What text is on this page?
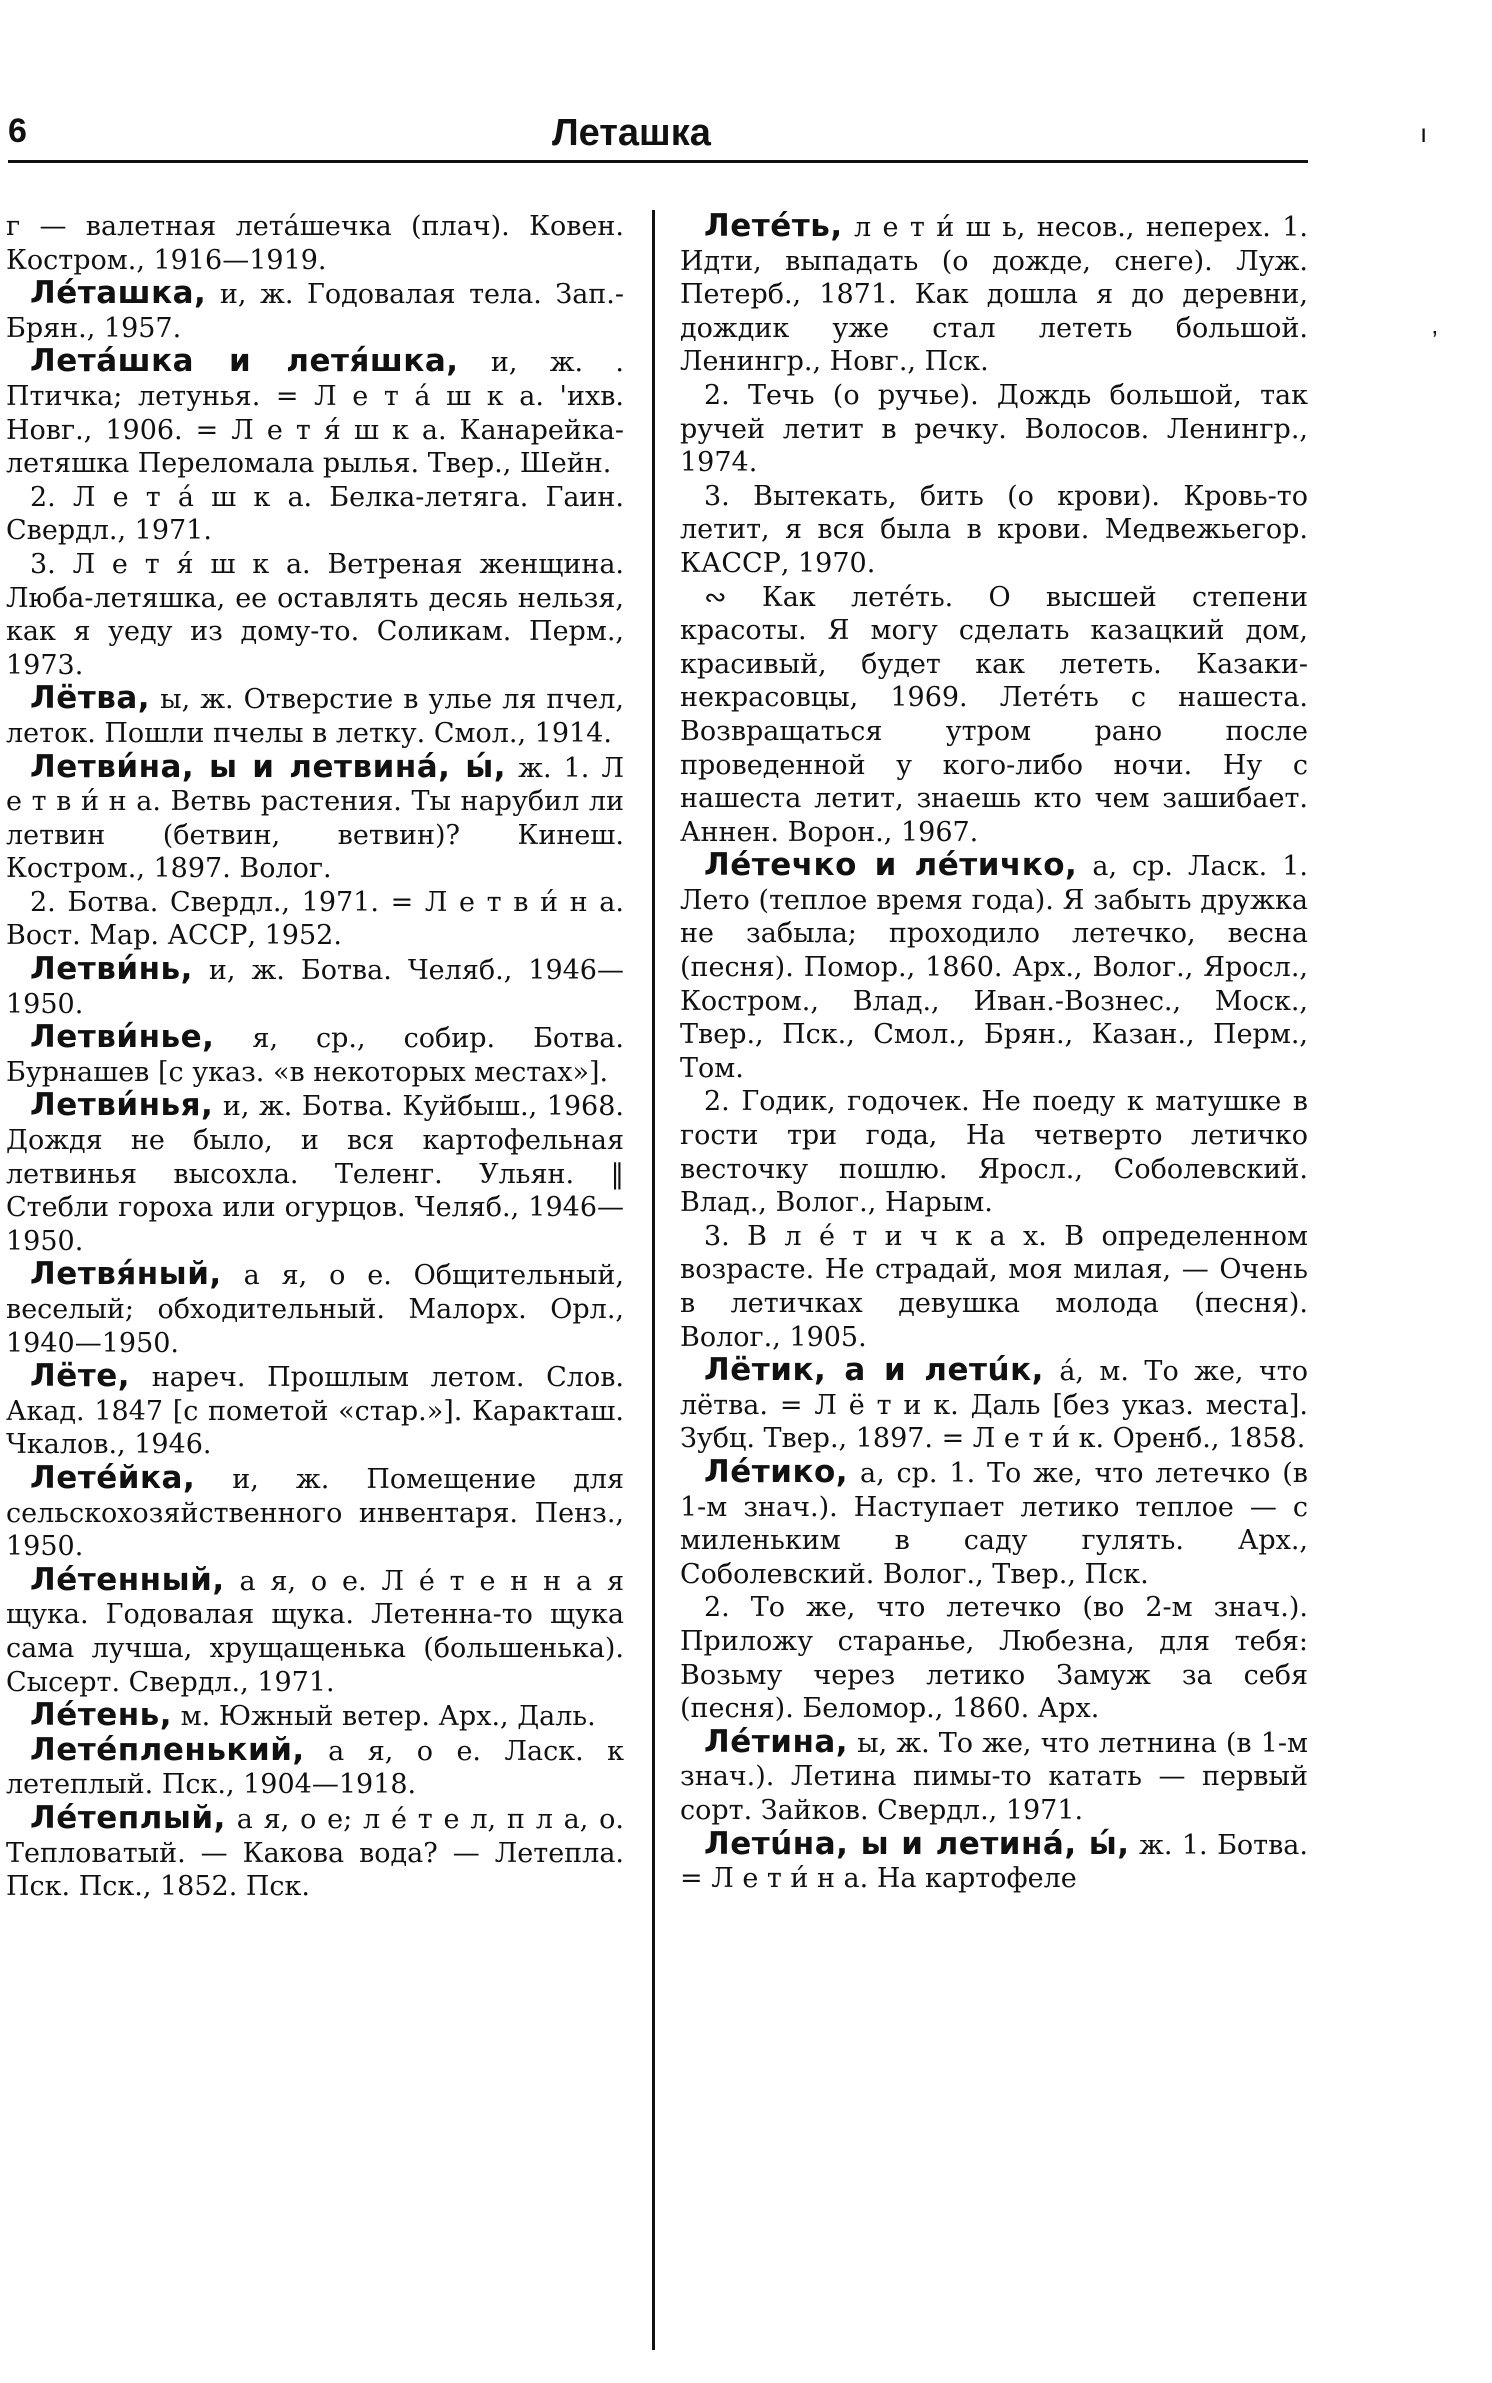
6	Леташка	ı
ʼ

г — валетная летáшечка (плач). Ковен. Костром., 1916—1919.

Лéташка, и, ж. Годовалая тела. Зап.-Брян., 1957.

Летáшка и летя́шка, и, ж. . Птичка; летунья. = Л е т á ш к а. 'ихв. Новг., 1906. = Л е т я́ ш к а. Канарейка-летяшка Переломала рылья. Твер., Шейн.

2. Л е т á ш к а. Белка-летяга. Гаин. Свердл., 1971.

3. Л е т я́ ш к а. Ветреная женщина. Люба-летяшка, ее оставлять десяь нельзя, как я уеду из дому-то. Соликам. Перм., 1973.

Лётва, ы, ж. Отверстие в улье ля пчел, леток. Пошли пчелы в летку. Смол., 1914.

Летви́на, ы и летвинá, ы́, ж. 1. Л е т в и́ н а. Ветвь растения. Ты нарубил ли летвин (бетвин, ветвин)? Кинеш. Костром., 1897. Волог.

2. Ботва. Свердл., 1971. = Л е т в и́ н а. Вост. Мар. АССР, 1952.

Летви́нь, и, ж. Ботва. Челяб., 1946—1950.

Летви́нье, я, ср., собир. Ботва. Бурнашев [с указ. «в некоторых местах»].

Летви́нья, и, ж. Ботва. Куйбыш., 1968. Дождя не было, и вся картофельная летвинья высохла. Теленг. Ульян. ‖ Стебли гороха или огурцов. Челяб., 1946—1950.

Летвя́ный, а я, о е. Общительный, веселый; обходительный. Малорх. Орл., 1940—1950.

Лёте, нареч. Прошлым летом. Слов. Акад. 1847 [с пометой «стар.»]. Каракташ. Чкалов., 1946.

Летéйка, и, ж. Помещение для сельскохозяйственного инвентаря. Пенз., 1950.

Лéтенный, а я, о е. Л é т е н н а я щука. Годовалая щука. Летенна-то щука сама лучша, хрущащенька (большенька). Сысерт. Свердл., 1971.

Лéтень, м. Южный ветер. Арх., Даль.

Летéпленький, а я, о е. Ласк. к летеплый. Пск., 1904—1918.

Лéтеплый, а я, о е; л é т е л, п л а, о. Тепловатый. — Какова вода? — Летепла. Пск. Пск., 1852. Пск.

Летéть, л е т и́ ш ь, несов., неперех. 1. Идти, выпадать (о дожде, снеге). Луж. Петерб., 1871. Как дошла я до деревни, дождик уже стал лететь большой. Ленингр., Новг., Пск.

2. Течь (о ручье). Дождь большой, так ручей летит в речку. Волосов. Ленингр., 1974.

3. Вытекать, бить (о крови). Кровь-то летит, я вся была в крови. Медвежьегор. КАССР, 1970.

∾ Как летéть. О высшей степени красоты. Я могу сделать казацкий дом, красивый, будет как лететь. Казаки-некрасовцы, 1969. Летéть с нашеста. Возвращаться утром рано после проведенной у кого-либо ночи. Ну с нашеста летит, знаешь кто чем зашибает. Аннен. Ворон., 1967.

Лéтечко и лéтичко, а, ср. Ласк. 1. Лето (теплое время года). Я забыть дружка не забыла; проходило летечко, весна (песня). Помор., 1860. Арх., Волог., Яросл., Костром., Влад., Иван.-Вознес., Моск., Твер., Пск., Смол., Брян., Казан., Перм., Том.

2. Годик, годочек. Не поеду к матушке в гости три года, На четверто летичко весточку пошлю. Яросл., Соболевский. Влад., Волог., Нарым.

3. В л é т и ч к а х. В определенном возрасте. Не страдай, моя милая, — Очень в летичках девушка молода (песня). Волог., 1905.

Лётик, а и летúк, á, м. То же, что лётва. = Л ё т и к. Даль [без указ. места]. Зубц. Твер., 1897. = Л е т и́ к. Оренб., 1858.

Лéтико, а, ср. 1. То же, что летечко (в 1-м знач.). Наступает летико теплое — с миленьким в саду гулять. Арх., Соболевский. Волог., Твер., Пск.

2. То же, что летечко (во 2-м знач.). Приложу старанье, Любезна, для тебя: Возьму через летико Замуж за себя (песня). Беломор., 1860. Арх.

Лéтина, ы, ж. То же, что летнина (в 1-м знач.). Летина пимы-то катать — первый сорт. Зайков. Свердл., 1971.

Летúна, ы и летинá, ы́, ж. 1. Ботва. = Л е т и́ н а. На картофеле
